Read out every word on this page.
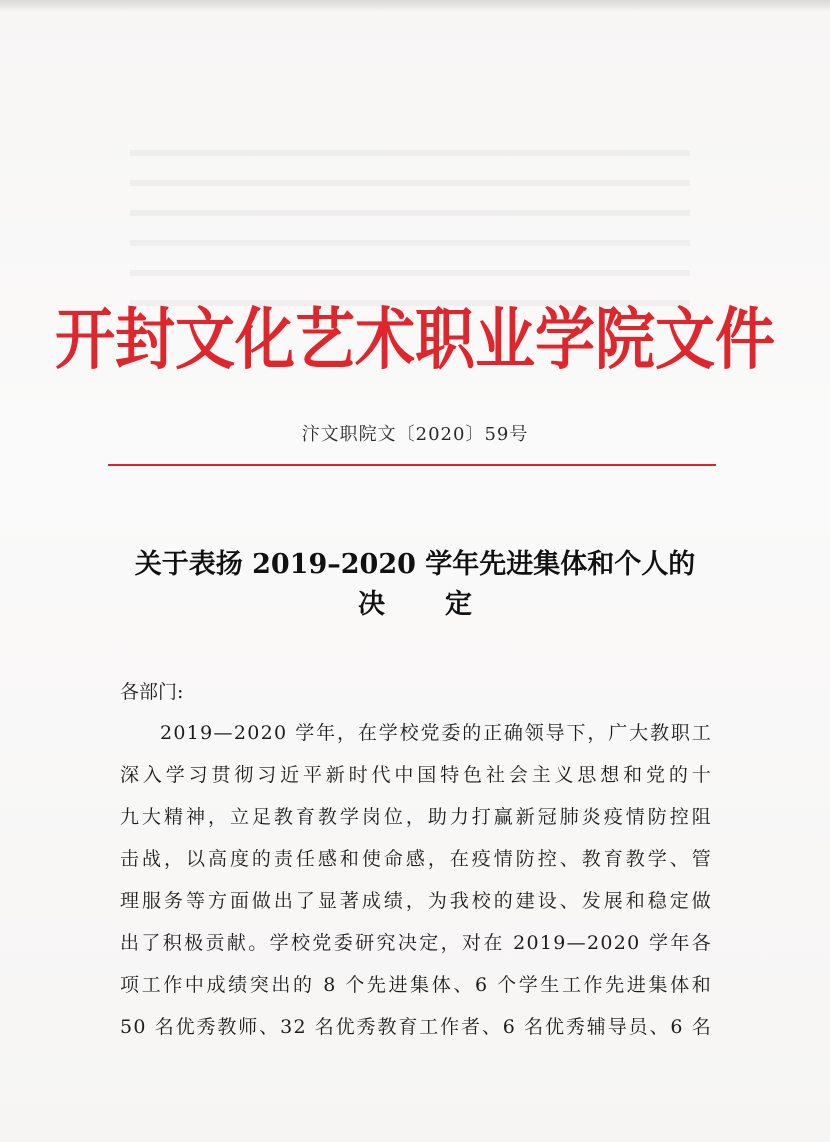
开封文化艺术职业学院文件
汴文职院文〔2020〕59号
关于表扬 2019–2020 学年先进集体和个人的
决定
各部门:
2019—2020 学年，在学校党委的正确领导下，广大教职工
深入学习贯彻习近平新时代中国特色社会主义思想和党的十
九大精神，立足教育教学岗位，助力打赢新冠肺炎疫情防控阻
击战，以高度的责任感和使命感，在疫情防控、教育教学、管
理服务等方面做出了显著成绩，为我校的建设、发展和稳定做
出了积极贡献。学校党委研究决定，对在 2019—2020 学年各
项工作中成绩突出的 8 个先进集体、6 个学生工作先进集体和
50 名优秀教师、32 名优秀教育工作者、6 名优秀辅导员、6 名
